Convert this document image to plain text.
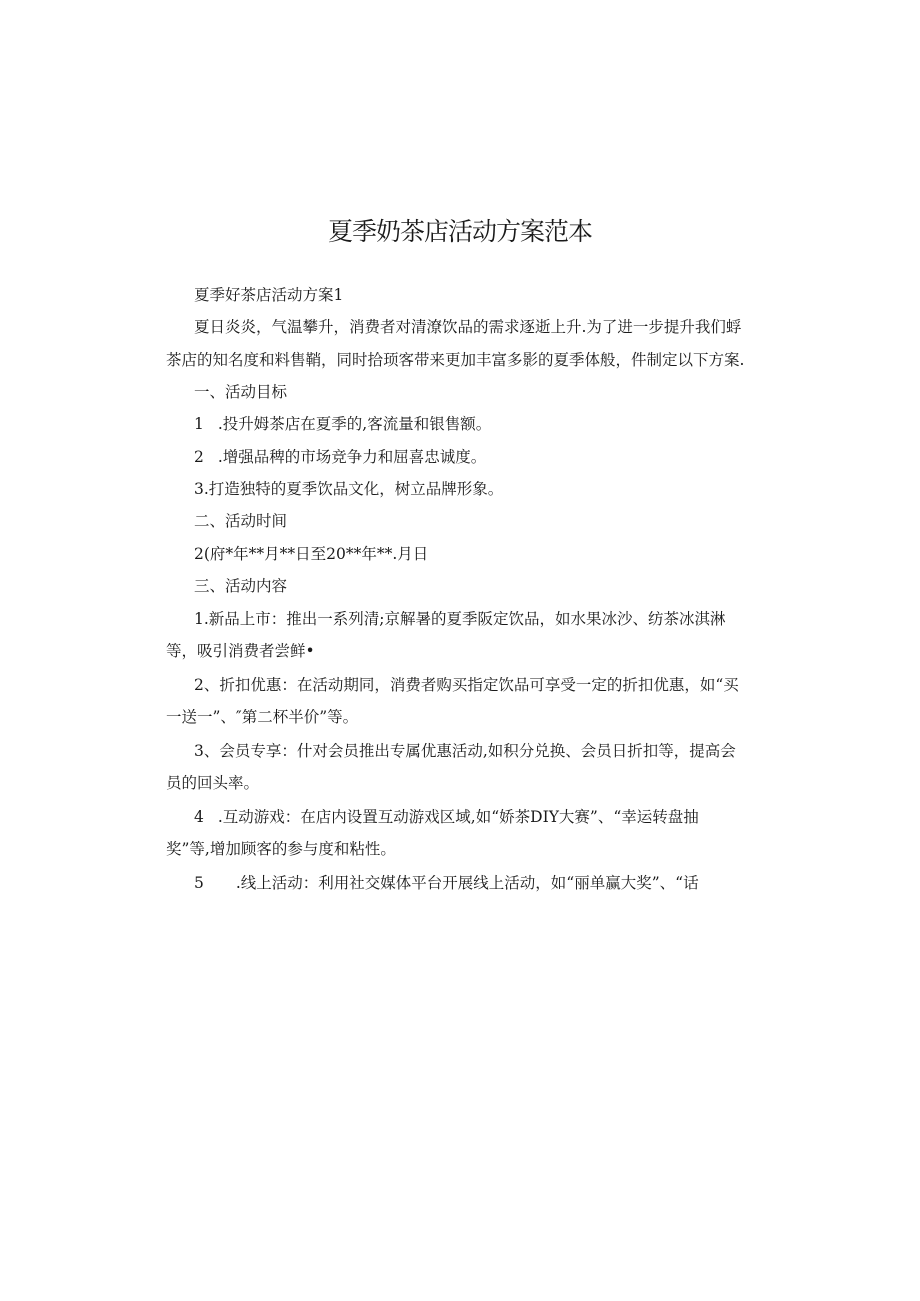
夏季奶茶店活动方案范本
夏季好茶店活动方案1
夏日炎炎，气温攀升，消费者对清潦饮品的需求逐逝上升.为了进一步提升我们蜉
茶店的知名度和料售鞘，同时拾顼客带来更加丰富多影的夏季体般，件制定以下方案.
一、活动目标
1 .投升姆茶店在夏季的,客流量和银售额。
2 .增强品稗的市场竞争力和屈喜忠诚度。
3.打造独特的夏季饮品文化，树立品牌形象。
二、活动时间
2(府*年**月**日至20**年**.月日
三、活动内容
1.新品上市：推出一系列清;京解暑的夏季阪定饮品，如水果冰沙、纺茶冰淇淋
等，吸引消费者尝鲜•
2、折扣优惠：在活动期同，消费者购买指定饮品可享受一定的折扣优惠，如“买
一送一”、″第二杯半价”等。
3、会员专享：什对会员推出专属优惠活动,如积分兑换、会员日折扣等，提高会
员的回头率。
4 .互动游戏：在店内设置互动游戏区域,如“娇茶DIY大赛”、“幸运转盘抽
奖”等,增加顾客的参与度和粘性。
5 .线上活动：利用社交媒体平台开展线上活动，如“丽单赢大奖”、“话
